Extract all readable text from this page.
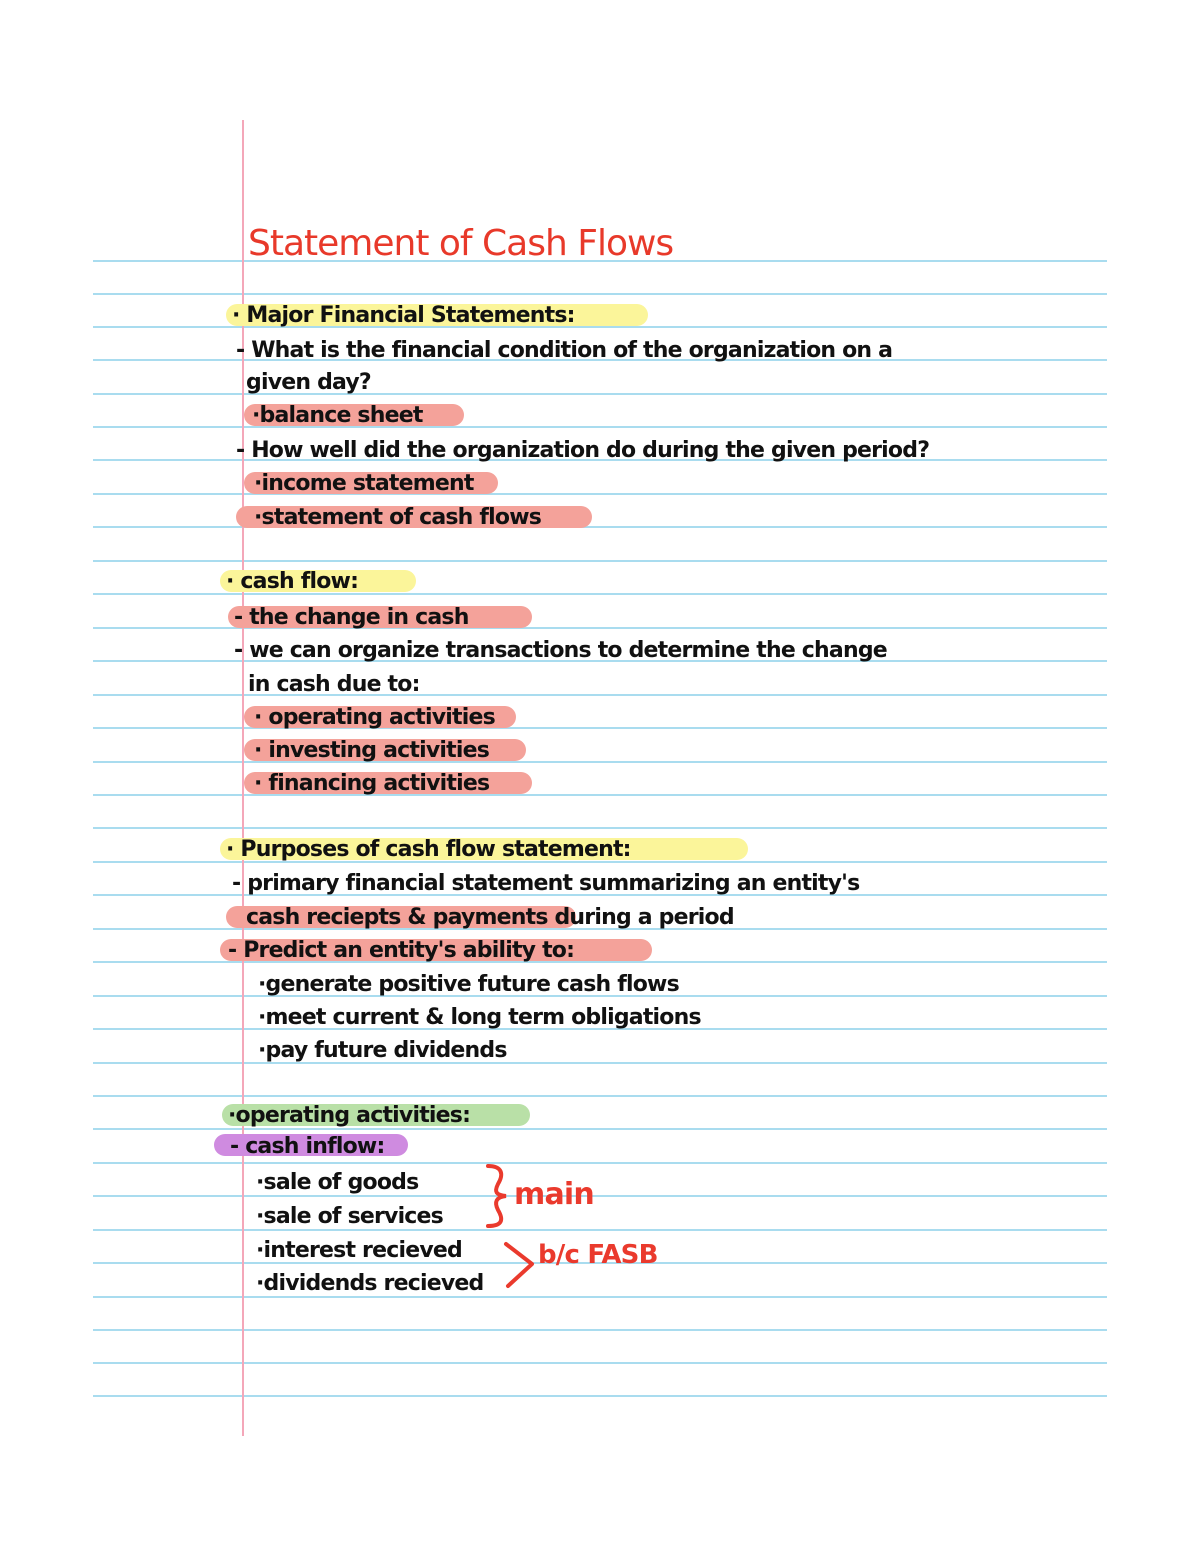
Statement of Cash Flows
· Major Financial Statements:
- What is the financial condition of the organization on a
given day?
·balance sheet
- How well did the organization do during the given period?
·income statement
·statement of cash flows
· cash flow:
- the change in cash
- we can organize transactions to determine the change
in cash due to:
· operating activities
· investing activities
· financing activities
· Purposes of cash flow statement:
- primary financial statement summarizing an entity's
cash reciepts & payments during a period
- Predict an entity's ability to:
·generate positive future cash flows
·meet current & long term obligations
·pay future dividends
·operating activities:
- cash inflow:
·sale of goods
·sale of services
·interest recieved
·dividends recieved
main
b/c FASB
